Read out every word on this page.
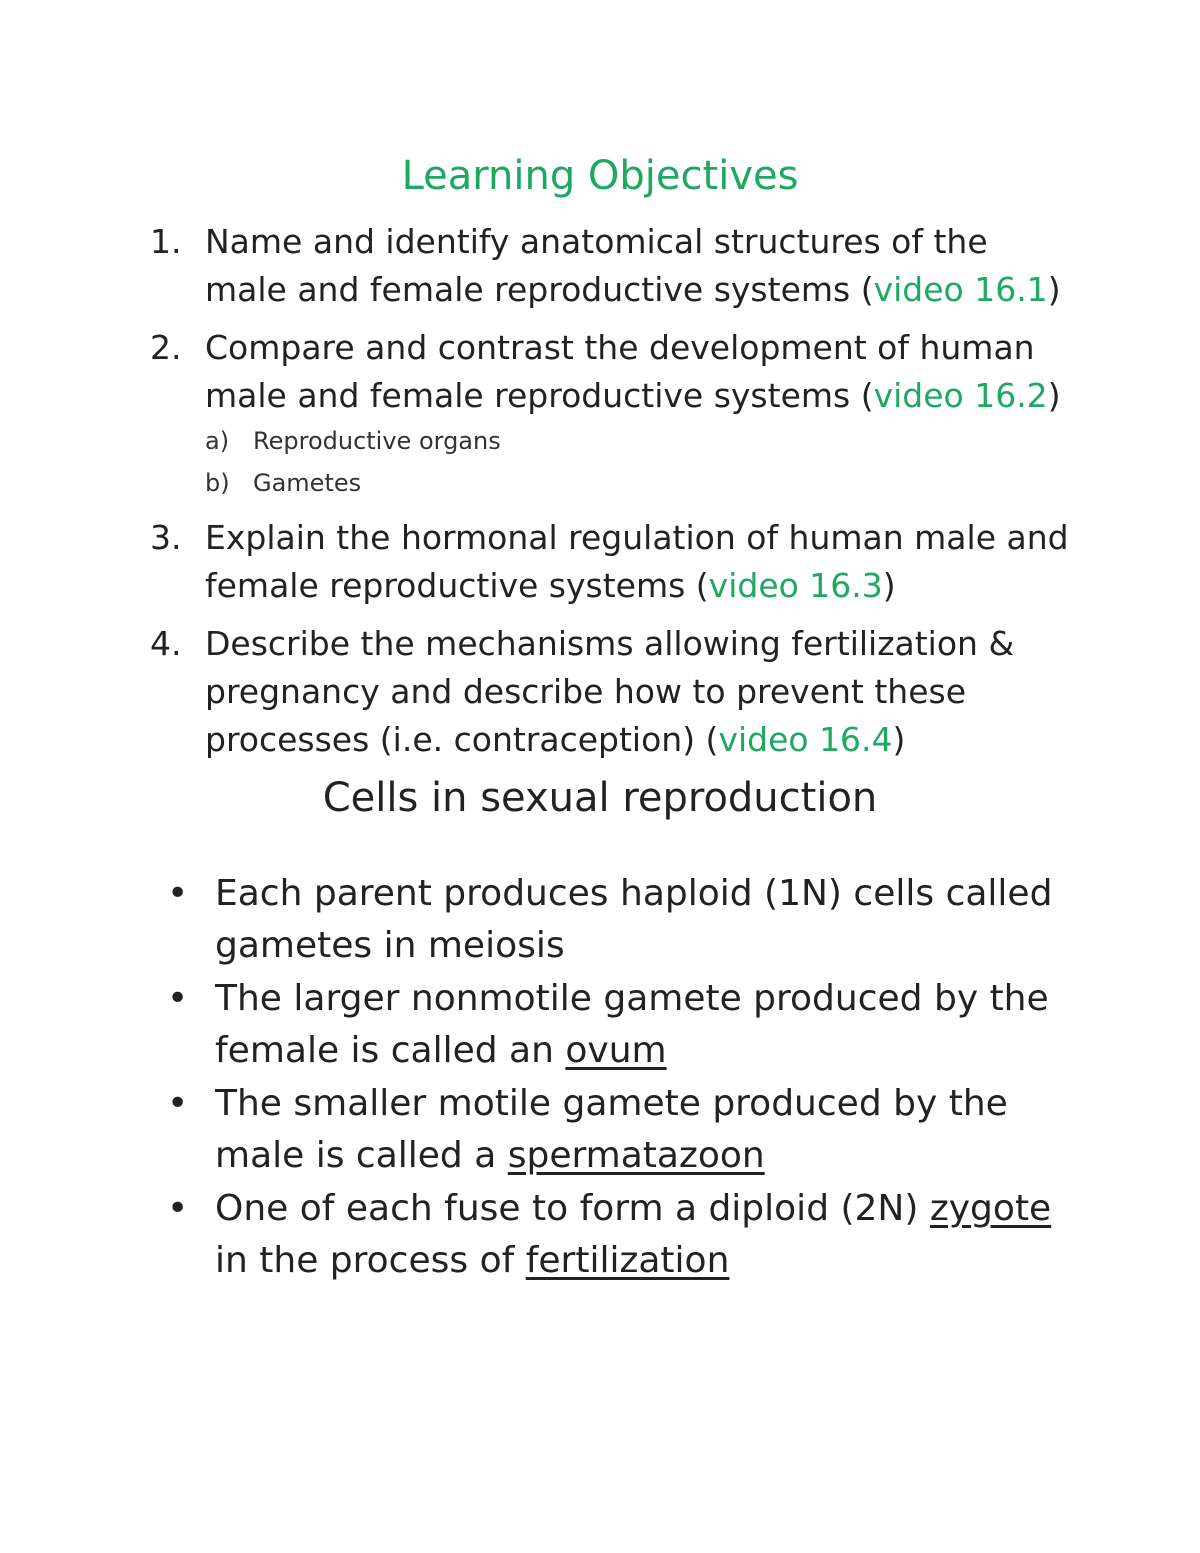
Learning Objectives
1. Name and identify anatomical structures of the male and female reproductive systems (video 16.1)
2. Compare and contrast the development of human male and female reproductive systems (video 16.2)
a) Reproductive organs
b) Gametes
3. Explain the hormonal regulation of human male and female reproductive systems (video 16.3)
4. Describe the mechanisms allowing fertilization & pregnancy and describe how to prevent these processes (i.e. contraception) (video 16.4)
Cells in sexual reproduction
• Each parent produces haploid (1N) cells called gametes in meiosis
• The larger nonmotile gamete produced by the female is called an ovum
• The smaller motile gamete produced by the male is called a spermatazoon
• One of each fuse to form a diploid (2N) zygote in the process of fertilization
